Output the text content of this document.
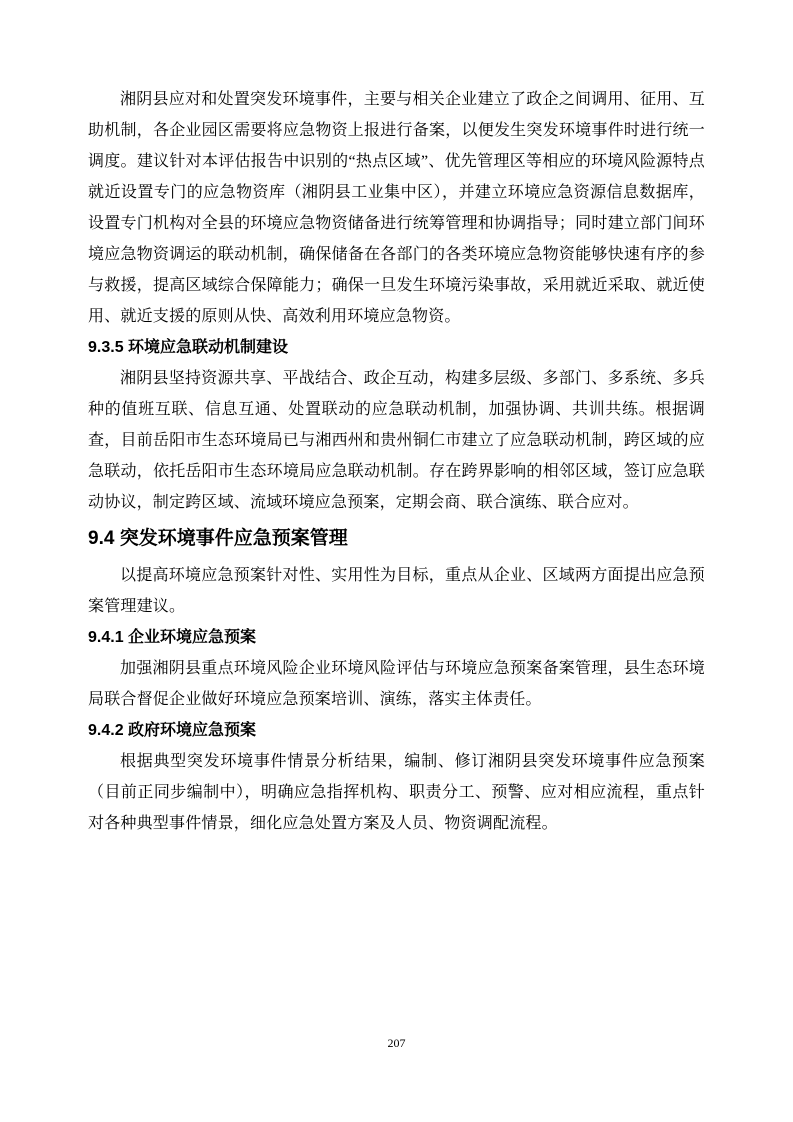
湘阴县应对和处置突发环境事件，主要与相关企业建立了政企之间调用、征用、互助机制，各企业园区需要将应急物资上报进行备案，以便发生突发环境事件时进行统一调度。建议针对本评估报告中识别的“热点区域”、优先管理区等相应的环境风险源特点就近设置专门的应急物资库（湘阴县工业集中区），并建立环境应急资源信息数据库，设置专门机构对全县的环境应急物资储备进行统筹管理和协调指导；同时建立部门间环境应急物资调运的联动机制，确保储备在各部门的各类环境应急物资能够快速有序的参与救援，提高区域综合保障能力；确保一旦发生环境污染事故，采用就近采取、就近使用、就近支援的原则从快、高效利用环境应急物资。

9.3.5 环境应急联动机制建设

湘阴县坚持资源共享、平战结合、政企互动，构建多层级、多部门、多系统、多兵种的值班互联、信息互通、处置联动的应急联动机制，加强协调、共训共练。根据调查，目前岳阳市生态环境局已与湘西州和贵州铜仁市建立了应急联动机制，跨区域的应急联动，依托岳阳市生态环境局应急联动机制。存在跨界影响的相邻区域，签订应急联动协议，制定跨区域、流域环境应急预案，定期会商、联合演练、联合应对。

9.4 突发环境事件应急预案管理

以提高环境应急预案针对性、实用性为目标，重点从企业、区域两方面提出应急预案管理建议。

9.4.1 企业环境应急预案

加强湘阴县重点环境风险企业环境风险评估与环境应急预案备案管理，县生态环境局联合督促企业做好环境应急预案培训、演练，落实主体责任。

9.4.2 政府环境应急预案

根据典型突发环境事件情景分析结果，编制、修订湘阴县突发环境事件应急预案（目前正同步编制中），明确应急指挥机构、职责分工、预警、应对相应流程，重点针对各种典型事件情景，细化应急处置方案及人员、物资调配流程。

207
